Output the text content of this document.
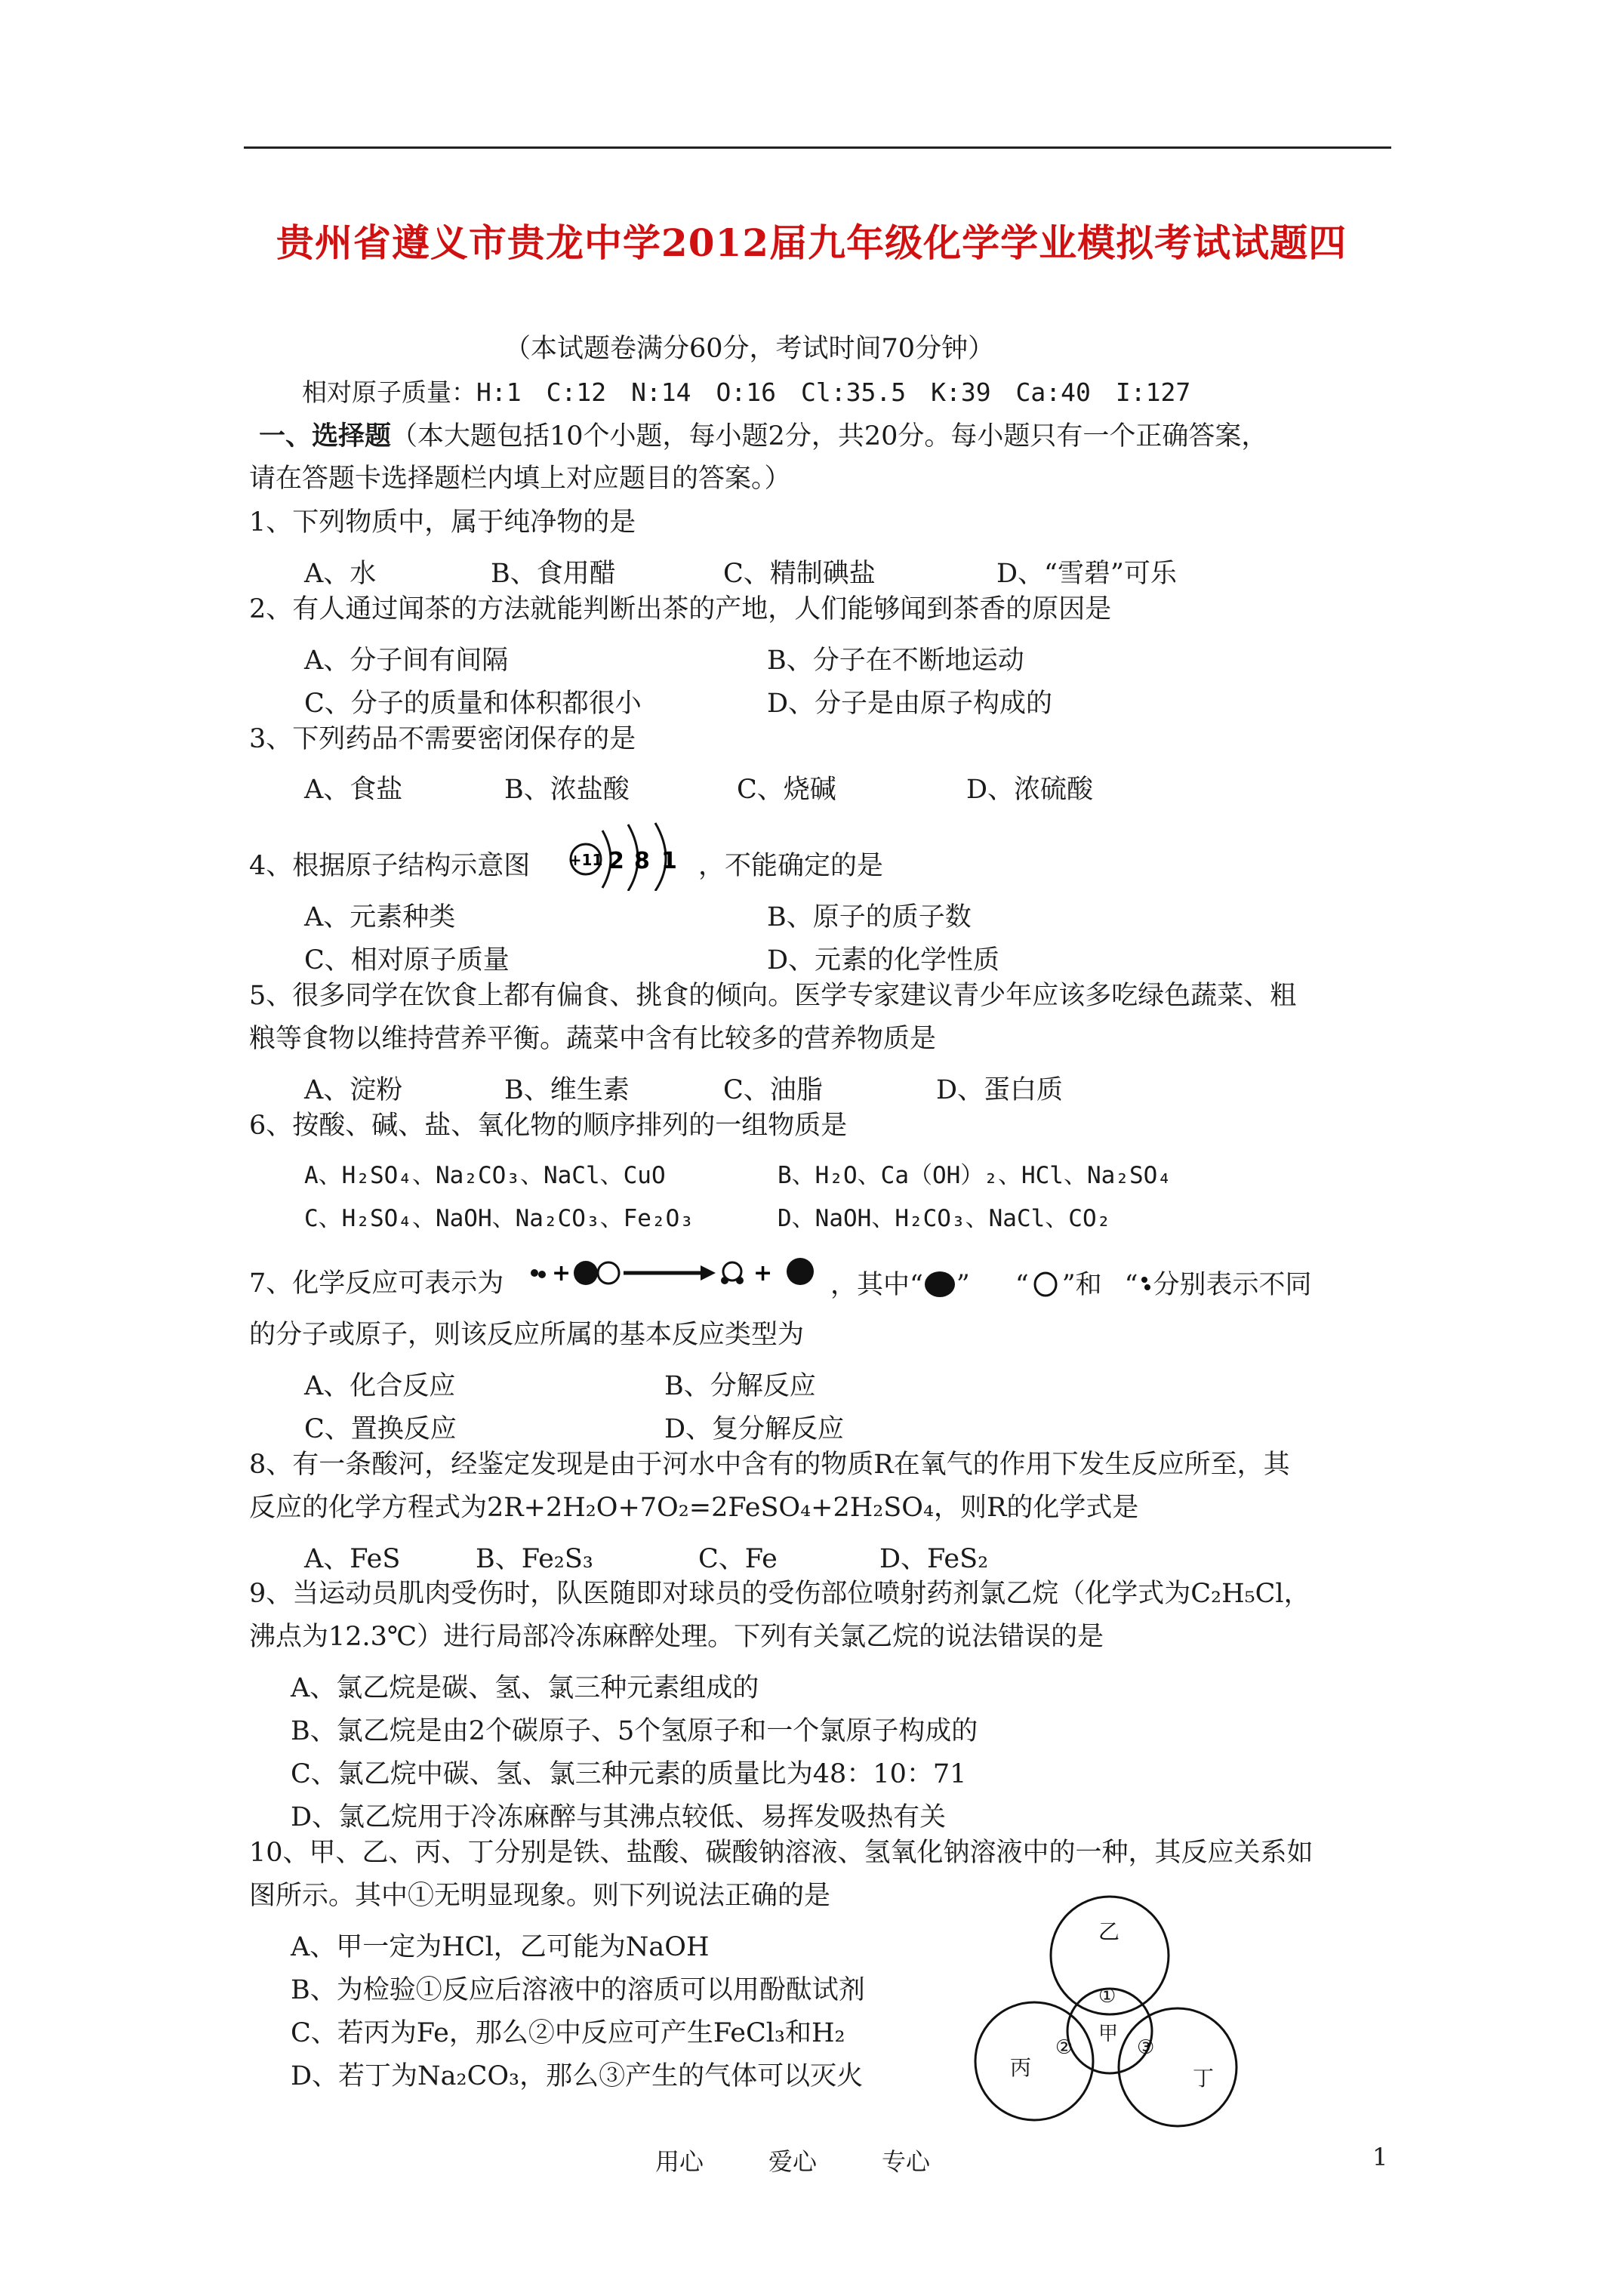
贵州省遵义市贵龙中学2012届九年级化学学业模拟考试试题四
（本试题卷满分60分，考试时间70分钟）
相对原子质量：H:1　C:12　N:14　O:16　Cl:35.5　K:39　Ca:40　I:127
一、选择题（本大题包括10个小题，每小题2分，共20分。每小题只有一个正确答案，
请在答题卡选择题栏内填上对应题目的答案。）
1、下列物质中，属于纯净物的是
A、水	B、食用醋	C、精制碘盐	D、“雪碧”可乐
2、有人通过闻茶的方法就能判断出茶的产地，人们能够闻到茶香的原因是
A、分子间有间隔	B、分子在不断地运动
C、分子的质量和体积都很小	D、分子是由原子构成的
3、下列药品不需要密闭保存的是
A、食盐	B、浓盐酸	C、烧碱	D、浓硫酸
4、根据原子结构示意图	+11 2 8 1 ，不能确定的是
A、元素种类	B、原子的质子数
C、相对原子质量	D、元素的化学性质
5、很多同学在饮食上都有偏食、挑食的倾向。医学专家建议青少年应该多吃绿色蔬菜、粗
粮等食物以维持营养平衡。蔬菜中含有比较多的营养物质是
A、淀粉	B、维生素	C、油脂	D、蛋白质
6、按酸、碱、盐、氧化物的顺序排列的一组物质是
A、H₂SO₄、Na₂CO₃、NaCl、CuO	B、H₂O、Ca（OH）₂、HCl、Na₂SO₄
C、H₂SO₄、NaOH、Na₂CO₃、Fe₂O₃	D、NaOH、H₂CO₃、NaCl、CO₂
7、化学反应可表示为 +	+ ，其中“ ” “ ”和 “ 分别表示不同
的分子或原子，则该反应所属的基本反应类型为
A、化合反应	B、分解反应
C、置换反应	D、复分解反应
8、有一条酸河，经鉴定发现是由于河水中含有的物质R在氧气的作用下发生反应所至，其
反应的化学方程式为2R+2H₂O+7O₂=2FeSO₄+2H₂SO₄，则R的化学式是
A、FeS	B、Fe₂S₃	C、Fe	D、FeS₂
9、当运动员肌肉受伤时，队医随即对球员的受伤部位喷射药剂氯乙烷（化学式为C₂H₅Cl，
沸点为12.3℃）进行局部冷冻麻醉处理。下列有关氯乙烷的说法错误的是
A、氯乙烷是碳、氢、氯三种元素组成的
B、氯乙烷是由2个碳原子、5个氢原子和一个氯原子构成的
C、氯乙烷中碳、氢、氯三种元素的质量比为48：10：71
D、氯乙烷用于冷冻麻醉与其沸点较低、易挥发吸热有关
10、甲、乙、丙、丁分别是铁、盐酸、碳酸钠溶液、氢氧化钠溶液中的一种，其反应关系如
图所示。其中①无明显现象。则下列说法正确的是
A、甲一定为HCl，乙可能为NaOH
B、为检验①反应后溶液中的溶质可以用酚酞试剂
C、若丙为Fe，那么②中反应可产生FeCl₃和H₂
D、若丁为Na₂CO₃，那么③产生的气体可以灭火
乙
甲
丙	丁
①
②	③
用心	爱心	专心	1
